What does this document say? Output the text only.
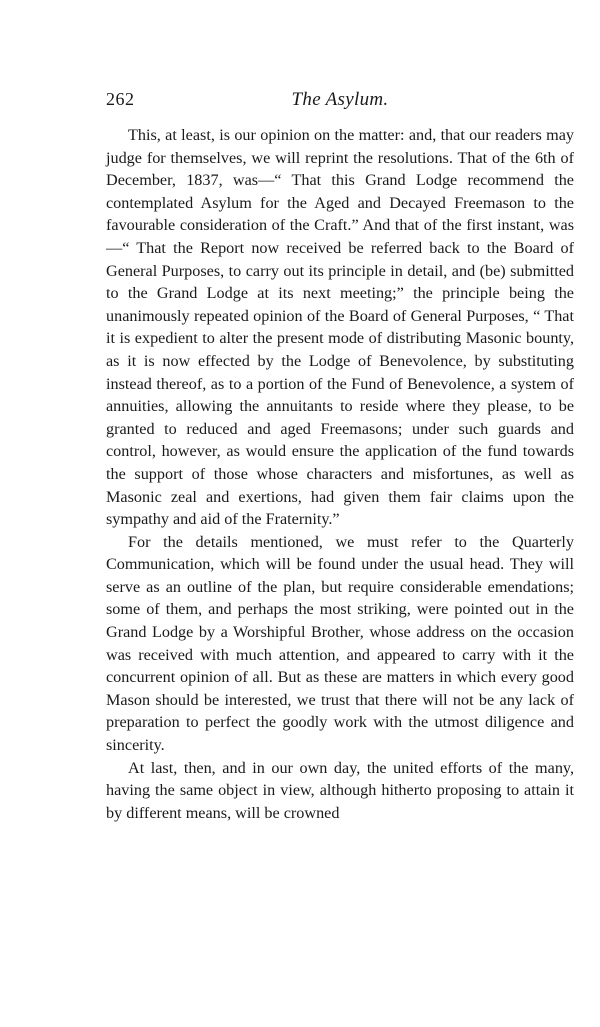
262	The Asylum.

This, at least, is our opinion on the matter: and, that our readers may judge for themselves, we will reprint the resolutions. That of the 6th of December, 1837, was—“ That this Grand Lodge recommend the contemplated Asylum for the Aged and Decayed Freemason to the favourable consideration of the Craft.” And that of the first instant, was—“ That the Report now received be referred back to the Board of General Purposes, to carry out its principle in detail, and (be) submitted to the Grand Lodge at its next meeting;” the principle being the unanimously repeated opinion of the Board of General Purposes, “ That it is expedient to alter the present mode of distributing Masonic bounty, as it is now effected by the Lodge of Benevolence, by substituting instead thereof, as to a portion of the Fund of Benevolence, a system of annuities, allowing the annuitants to reside where they please, to be granted to reduced and aged Freemasons; under such guards and control, however, as would ensure the application of the fund towards the support of those whose characters and misfortunes, as well as Masonic zeal and exertions, had given them fair claims upon the sympathy and aid of the Fraternity.”

For the details mentioned, we must refer to the Quarterly Communication, which will be found under the usual head. They will serve as an outline of the plan, but require considerable emendations; some of them, and perhaps the most striking, were pointed out in the Grand Lodge by a Worshipful Brother, whose address on the occasion was received with much attention, and appeared to carry with it the concurrent opinion of all. But as these are matters in which every good Mason should be interested, we trust that there will not be any lack of preparation to perfect the goodly work with the utmost diligence and sincerity.

At last, then, and in our own day, the united efforts of the many, having the same object in view, although hitherto proposing to attain it by different means, will be crowned
